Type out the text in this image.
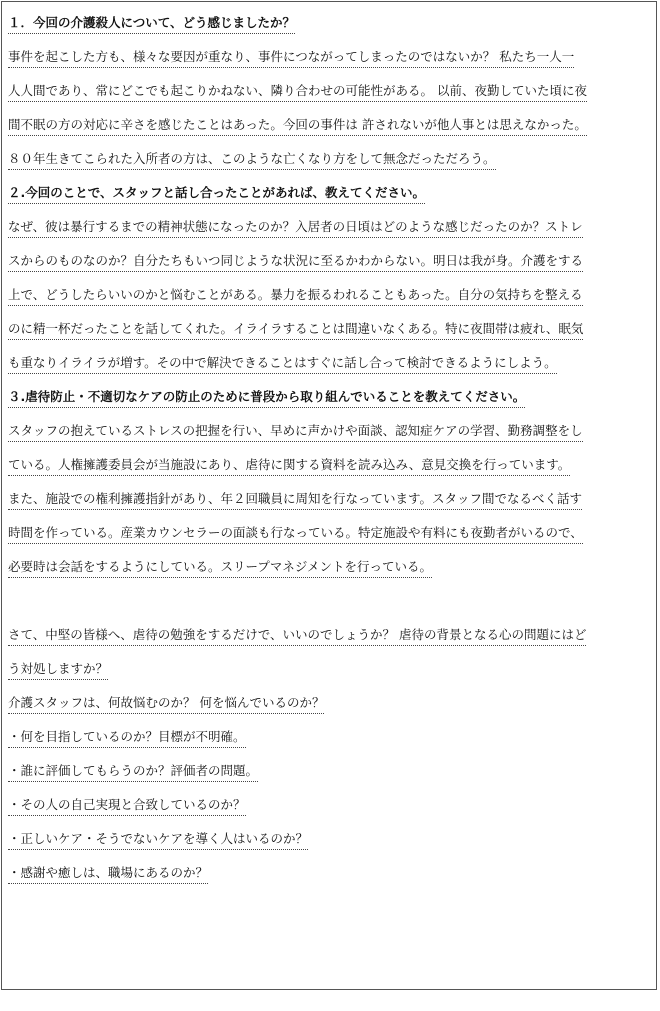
１．今回の介護殺人について、どう感じましたか？
事件を起こした方も、様々な要因が重なり、事件につながってしまったのではないか？ 私たち一人一
人人間であり、常にどこでも起こりかねない、隣り合わせの可能性がある。 以前、夜勤していた頃に夜
間不眠の方の対応に辛さを感じたことはあった。今回の事件は 許されないが他人事とは思えなかった。
８０年生きてこられた入所者の方は、このような亡くなり方をして無念だっただろう。
２.今回のことで、スタッフと話し合ったことがあれば、教えてください。
なぜ、彼は暴行するまでの精神状態になったのか？入居者の日頃はどのような感じだったのか？ストレ
スからのものなのか？自分たちもいつ同じような状況に至るかわからない。明日は我が身。介護をする
上で、どうしたらいいのかと悩むことがある。暴力を振るわれることもあった。自分の気持ちを整える
のに精一杯だったことを話してくれた。イライラすることは間違いなくある。特に夜間帯は疲れ、眠気
も重なりイライラが増す。その中で解決できることはすぐに話し合って検討できるようにしよう。
３.虐待防止・不適切なケアの防止のために普段から取り組んでいることを教えてください。
スタッフの抱えているストレスの把握を行い、早めに声かけや面談、認知症ケアの学習、勤務調整をし
ている。人権擁護委員会が当施設にあり、虐待に関する資料を読み込み、意見交換を行っています。
また、施設での権利擁護指針があり、年２回職員に周知を行なっています。スタッフ間でなるべく話す
時間を作っている。産業カウンセラーの面談も行なっている。特定施設や有料にも夜勤者がいるので、
必要時は会話をするようにしている。スリープマネジメントを行っている。
さて、中堅の皆様へ、虐待の勉強をするだけで、いいのでしょうか？ 虐待の背景となる心の問題にはど
う対処しますか？
介護スタッフは、何故悩むのか？ 何を悩んでいるのか？
・何を目指しているのか？目標が不明確。
・誰に評価してもらうのか？評価者の問題。
・その人の自己実現と合致しているのか？
・正しいケア・そうでないケアを導く人はいるのか？
・感謝や癒しは、職場にあるのか？
